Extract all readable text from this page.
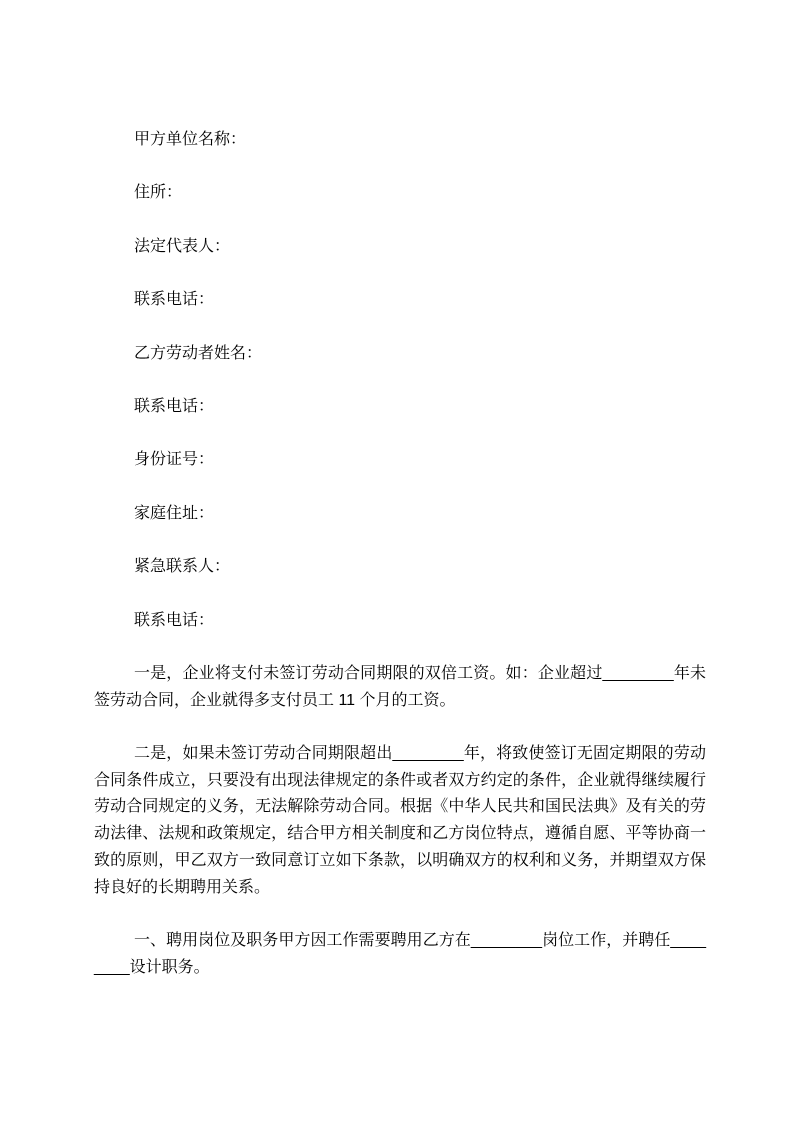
甲方单位名称：

住所：

法定代表人：

联系电话：

乙方劳动者姓名：

联系电话：

身份证号：

家庭住址：

紧急联系人：

联系电话：

一是，企业将支付未签订劳动合同期限的双倍工资。如：企业超过________年未签劳动合同，企业就得多支付员工 11 个月的工资。

二是，如果未签订劳动合同期限超出________年，将致使签订无固定期限的劳动合同条件成立，只要没有出现法律规定的条件或者双方约定的条件，企业就得继续履行劳动合同规定的义务，无法解除劳动合同。根据《中华人民共和国民法典》及有关的劳动法律、法规和政策规定，结合甲方相关制度和乙方岗位特点，遵循自愿、平等协商一致的原则，甲乙双方一致同意订立如下条款，以明确双方的权利和义务，并期望双方保持良好的长期聘用关系。

一、聘用岗位及职务甲方因工作需要聘用乙方在________岗位工作，并聘任________设计职务。
